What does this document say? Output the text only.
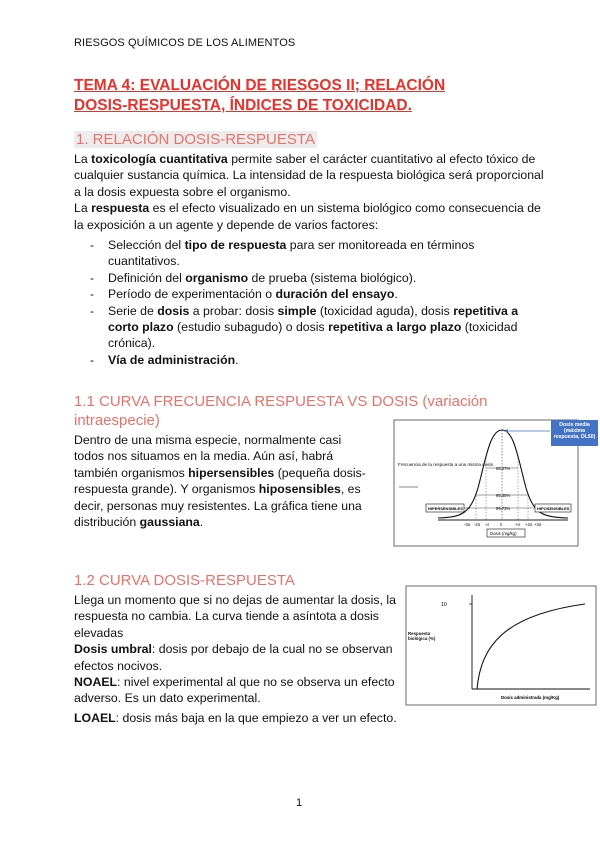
RIESGOS QUÍMICOS DE LOS ALIMENTOS
TEMA 4: EVALUACIÓN DE RIESGOS II; RELACIÓN
DOSIS-RESPUESTA, ÍNDICES DE TOXICIDAD.
1. RELACIÓN DOSIS-RESPUESTA
La toxicología cuantitativa permite saber el carácter cuantitativo al efecto tóxico de cualquier sustancia química. La intensidad de la respuesta biológica será proporcional a la dosis expuesta sobre el organismo.
La respuesta es el efecto visualizado en un sistema biológico como consecuencia de la exposición a un agente y depende de varios factores:
- Selección del tipo de respuesta para ser monitoreada en términos cuantitativos.
- Definición del organismo de prueba (sistema biológico).
- Período de experimentación o duración del ensayo.
- Serie de dosis a probar: dosis simple (toxicidad aguda), dosis repetitiva a corto plazo (estudio subagudo) o dosis repetitiva a largo plazo (toxicidad crónica).
- Vía de administración.
1.1 CURVA FRECUENCIA RESPUESTA VS DOSIS (variación intraespecie)
Dentro de una misma especie, normalmente casi todos nos situamos en la media. Aún así, habrá también organismos hipersensibles (pequeña dosis-respuesta grande). Y organismos hiposensibles, es decir, personas muy resistentes. La gráfica tiene una distribución gaussiana.
Frecuencia de la respuesta a una misma dosis
68,27%
95,45%
99,73%
HIPERSENSIBLES	HIPOSENSIBLES
-3σ -2σ -σ	x̄	+σ +2σ +3σ
Dosis (mg/kg)
Dosis media (máxima respuesta, DL50)
1.2 CURVA DOSIS-RESPUESTA
Llega un momento que si no dejas de aumentar la dosis, la respuesta no cambia. La curva tiende a asíntota a dosis elevadas
Dosis umbral: dosis por debajo de la cual no se observan efectos nocivos.
NOAEL: nivel experimental al que no se observa un efecto adverso. Es un dato experimental.
LOAEL: dosis más baja en la que empiezo a ver un efecto.
10
Respuesta biológica (%)
Dosis administrada (mg/Kg)
1
